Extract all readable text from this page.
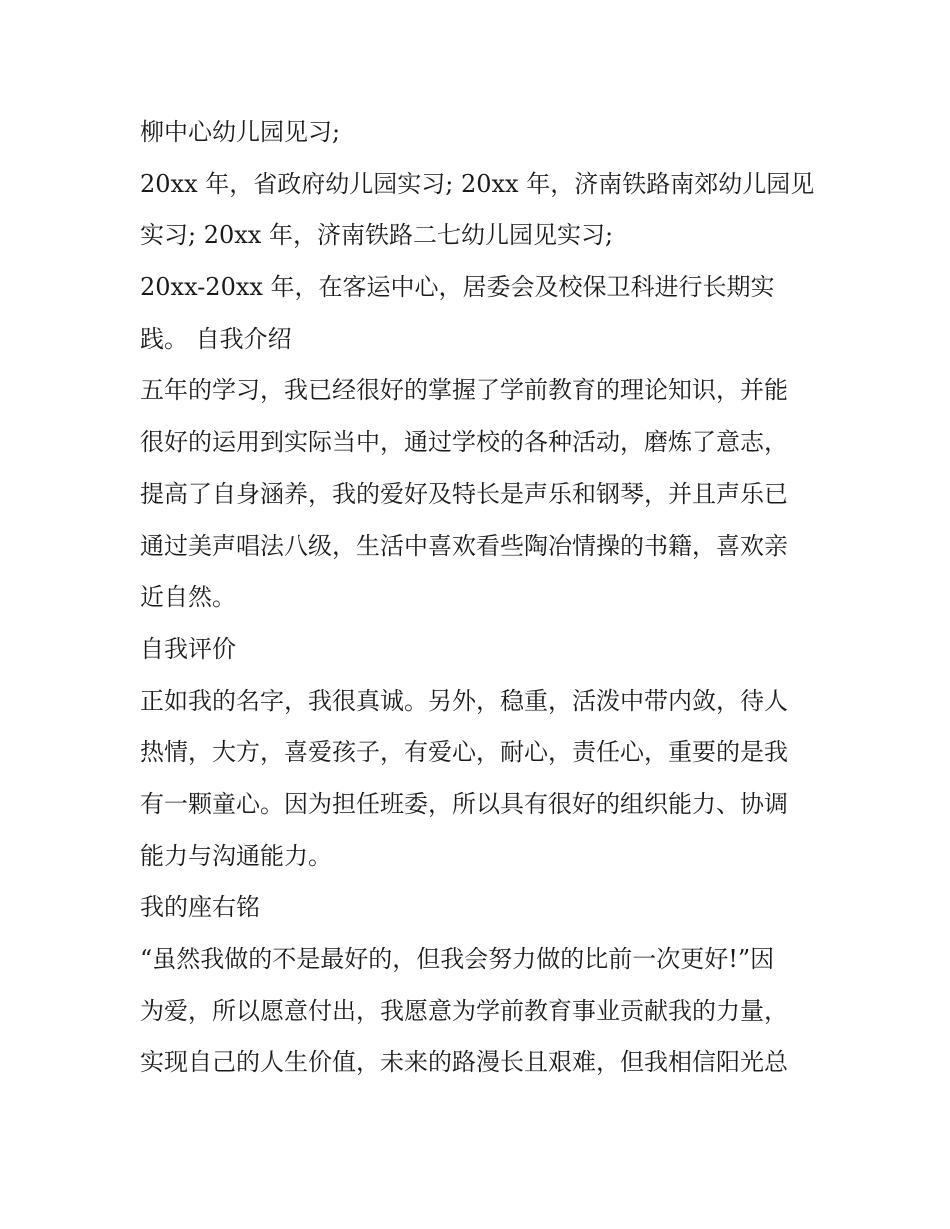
柳中心幼儿园见习;
20xx 年，省政府幼儿园实习; 20xx 年，济南铁路南郊幼儿园见
实习; 20xx 年，济南铁路二七幼儿园见实习;
20xx-20xx 年，在客运中心，居委会及校保卫科进行长期实
践。 自我介绍
五年的学习，我已经很好的掌握了学前教育的理论知识，并能
很好的运用到实际当中，通过学校的各种活动，磨炼了意志，
提高了自身涵养，我的爱好及特长是声乐和钢琴，并且声乐已
通过美声唱法八级，生活中喜欢看些陶冶情操的书籍，喜欢亲
近自然。
自我评价
正如我的名字，我很真诚。另外，稳重，活泼中带内敛，待人
热情，大方，喜爱孩子，有爱心，耐心，责任心，重要的是我
有一颗童心。因为担任班委，所以具有很好的组织能力、协调
能力与沟通能力。
我的座右铭
“虽然我做的不是最好的，但我会努力做的比前一次更好!”因
为爱，所以愿意付出，我愿意为学前教育事业贡献我的力量，
实现自己的人生价值，未来的路漫长且艰难，但我相信阳光总
